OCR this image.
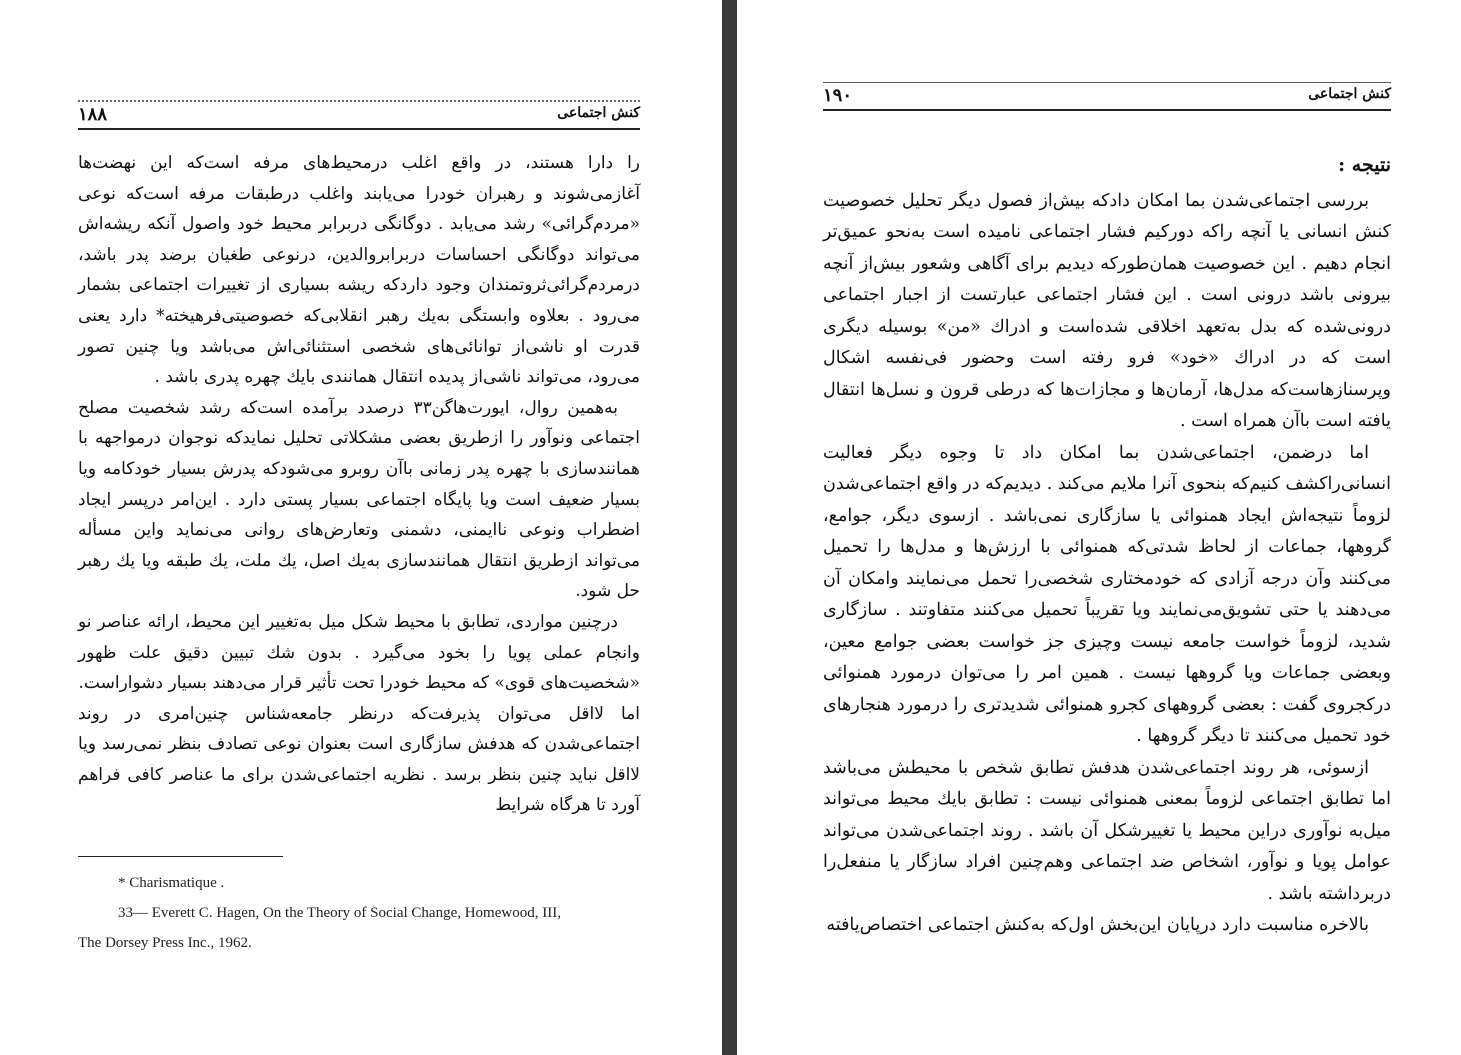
۱۸۸	کنش اجتماعی

را دارا هستند، در واقع اغلب درمحیط‌های مرفه است‌که این نهضت‌ها آغازمی‌شوند و رهبران خودرا می‌یابند واغلب درطبقات مرفه است‌که نوعی «مردم‌گرائی» رشد می‌یابد . دوگانگی دربرابر محیط خود واصول آنکه ریشه‌اش می‌تواند دوگانگی احساسات دربرابروالدین، درنوعی طغیان برضد پدر باشد، درمردم‌گرائی‌ثروتمندان وجود داردکه ریشه بسیاری از تغییرات اجتماعی بشمار می‌رود . بعلاوه وابستگی به‌یك رهبر انقلابی‌که خصوصیتی‌فرهیخته* دارد یعنی قدرت او ناشی‌از توانائی‌های شخصی استثنائی‌اش می‌باشد ویا چنین تصور می‌رود، می‌تواند ناشی‌از پدیده انتقال همانندی بایك چهره پدری باشد .

به‌همین روال، ایورت‌هاگن۳۳ درصدد برآمده است‌که رشد شخصیت مصلح اجتماعی ونوآور را ازطریق بعضی مشکلاتی تحلیل نمایدکه نوجوان درمواجهه با همانندسازی با چهره پدر زمانی باآن روبرو می‌شودکه پدرش بسیار خودکامه ویا بسیار ضعیف است ویا پایگاه اجتماعی بسیار پستی دارد . این‌امر درپسر ایجاد اضطراب ونوعی ناایمنی، دشمنی وتعارض‌های روانی می‌نماید واین مسأله می‌تواند ازطریق انتقال همانندسازی به‌یك اصل، یك ملت، یك طبقه ویا یك رهبر حل شود.

درچنین مواردی، تطابق با محیط شکل میل به‌تغییر این محیط، ارائه عناصر نو وانجام عملی پویا را بخود می‌گیرد . بدون شك تبیین دقیق علت ظهور «شخصیت‌های قوی» که محیط خودرا تحت تأثیر قرار می‌دهند بسیار دشواراست.

اما لااقل می‌توان پذیرفت‌که درنظر جامعه‌شناس چنین‌امری در روند اجتماعی‌شدن که هدفش سازگاری است بعنوان نوعی تصادف بنظر نمی‌رسد ویا لااقل نباید چنین بنظر برسد . نظریه اجتماعی‌شدن برای ما عناصر کافی فراهم آورد تا هرگاه شرایط

* Charismatique .
33— Everett C. Hagen, On the Theory of Social Change, Homewood, III,
The Dorsey Press Inc., 1962.
۱۹۰	کنش اجتماعی
نتیجه :

بررسی اجتماعی‌شدن بما امکان دادکه بیش‌از فصول دیگر تحلیل خصوصیت کنش انسانی یا آنچه راکه دورکیم فشار اجتماعی نامیده است به‌نحو عمیق‌تر انجام دهیم . این خصوصیت همان‌طورکه دیدیم برای آگاهی وشعور بیش‌از آنچه بیرونی باشد درونی است . این فشار اجتماعی عبارتست از اجبار اجتماعی درونی‌شده که بدل به‌تعهد اخلاقی شده‌است و ادراك «من» بوسیله دیگری است که در ادراك «خود» فرو رفته است وحضور فی‌نفسه اشکال وپرسنازهاست‌که مدل‌ها، آرمان‌ها و مجازات‌ها که درطی قرون و نسل‌ها انتقال یافته است باآن همراه است .

اما درضمن، اجتماعی‌شدن بما امکان داد تا وجوه دیگر فعالیت انسانی‌راکشف کنیم‌که بنحوی آنرا ملایم می‌کند . دیدیم‌که در واقع اجتماعی‌شدن لزوماً نتیجه‌اش ایجاد همنوائی یا سازگاری نمی‌باشد . ازسوی دیگر، جوامع، گروهها، جماعات از لحاظ شدتی‌که همنوائی با ارزش‌ها و مدل‌ها را تحمیل می‌کنند وآن درجه آزادی که خودمختاری شخصی‌را تحمل می‌نمایند وامکان آن می‌دهند یا حتی تشویق‌می‌نمایند ویا تقریباً تحمیل می‌کنند متفاوتند . سازگاری شدید، لزوماً خواست جامعه نیست وچیزی جز خواست بعضی جوامع معین، وبعضی جماعات ویا گروهها نیست . همین امر را می‌توان درمورد همنوائی درکجروی گفت : بعضی گروههای کجرو همنوائی شدیدتری را درمورد هنجارهای خود تحمیل می‌کنند تا دیگر گروهها .

ازسوئی، هر روند اجتماعی‌شدن هدفش تطابق شخص با محیطش می‌باشد اما تطابق اجتماعی لزوماً بمعنی همنوائی نیست : تطابق بایك محیط می‌تواند میل‌به نوآوری دراین محیط یا تغییرشکل آن باشد . روند اجتماعی‌شدن می‌تواند عوامل پویا و نوآور، اشخاص ضد اجتماعی وهم‌چنین افراد سازگار یا منفعل‌را دربرداشته باشد .

بالاخره مناسبت دارد درپایان این‌بخش اول‌که به‌کنش اجتماعی اختصاص‌یافته
